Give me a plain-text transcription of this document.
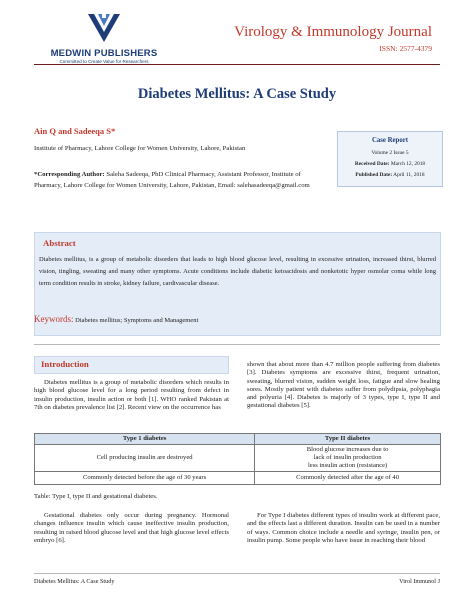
MEDWIN PUBLISHERS
Committed to Create Value for Researchers
Virology & Immunology Journal
ISSN: 2577-4379
Diabetes Mellitus: A Case Study
Ain Q and Sadeeqa S*
Institute of Pharmacy, Lahore College for Women University, Lahore, Pakistan
*Corresponding Author: Saleha Sadeeqa, PhD Clinical Pharmacy, Assistant Professor, Institute of Pharmacy, Lahore College for Women University, Lahore, Pakistan, Email: salehasadeeqa@gmail.com
Case Report
Volume 2 Issue 5
Received Date: March 12, 2018
Published Date: April 11, 2018
Abstract
Diabetes mellitus, is a group of metabolic disorders that leads to high blood glucose level, resulting in excessive urination, increased thirst, blurred vision, tingling, sweating and many other symptoms. Acute conditions include diabetic ketoacidosis and nonketotic hyper osmolar coma while long term condition results in stroke, kidney failure, cardivascular disease.
Keywords: Diabetes mellitus; Symptoms and Management
Introduction
Diabetes mellitus is a group of metabolic disorders which results in high blood glucose level for a long period resulting from defect in insulin production, insulin action or both [1]. WHO ranked Pakistan at 7th on diabetes prevalence list [2]. Recent view on the occurrence has
shown that about more than 4.7 million people suffering from diabetes [3]. Diabetes symptoms are excessive thirst, frequent urination, sweating, blurred vision, sudden weight loss, fatigue and slow healing sores. Mostly patient with diabetes suffer from polydipsia, polyphagia and polyuria [4]. Diabetes is majorly of 3 types, type I, type II and gestational diabetes [5].
Type 1 diabetes	Type II diabetes
Cell producing insulin are destroyed	Blood glucose increases due to
lack of insulin production
less insulin action (resistance)

Commonly detected before the age of 30 years	Commonly detected after the age of 40
Table: Type I, type II and gestational diabetes.
Gestational diabetes only occur during pregnancy. Hormonal changes influence insulin which cause ineffective insulin production, resulting in raised blood glucose level and that high glucose level effects embryo [6].
For Type I diabetes different types of insulin work at different pace, and the effects last a different duration. Insulin can be used in a number of ways. Common choice include a needle and syringe, insulin pen, or insulin pump. Some people who have issue in reaching their blood
Diabetes Mellitus: A Case Study	Virol Immunol J
